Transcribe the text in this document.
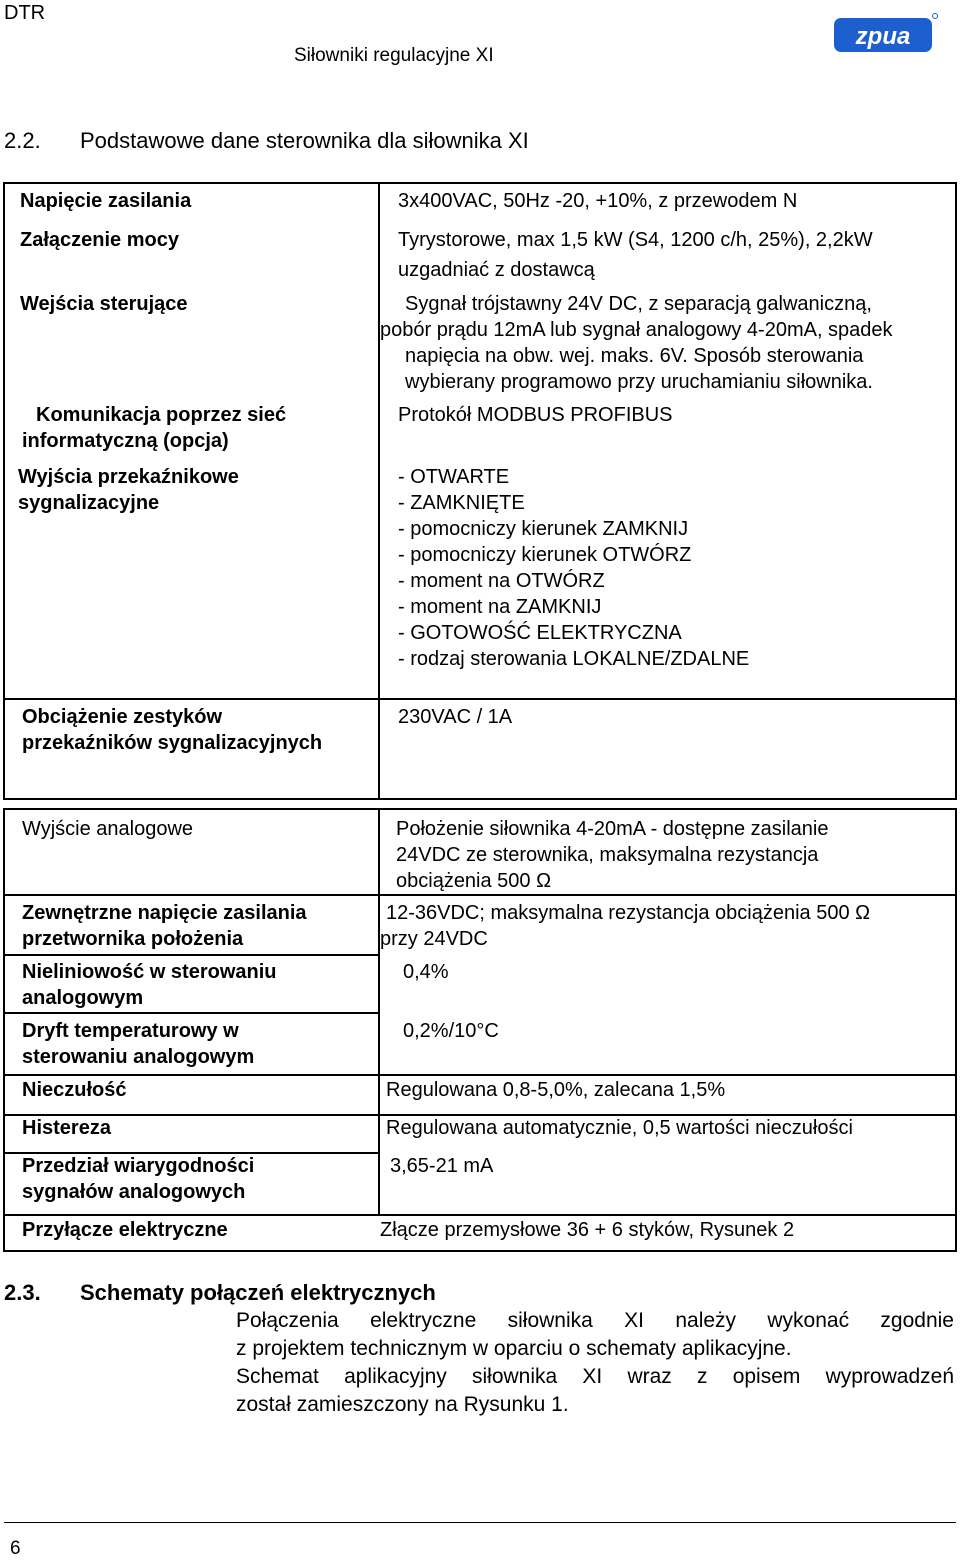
DTR
Siłowniki regulacyjne XI
zpua
2.2. Podstawowe dane sterownika dla siłownika XI
Napięcie zasilania
Załączenie mocy
Wejścia sterujące
Komunikacja poprzez sieć
informatyczną (opcja)
Wyjścia przekaźnikowe
sygnalizacyjne
Obciążenie zestyków
przekaźników sygnalizacyjnych
3x400VAC, 50Hz -20, +10%, z przewodem N
Tyrystorowe, max 1,5 kW (S4, 1200 c/h, 25%), 2,2kW
uzgadniać z dostawcą
Sygnał trójstawny 24V DC, z separacją galwaniczną,
pobór prądu 12mA lub sygnał analogowy 4-20mA, spadek
napięcia na obw. wej. maks. 6V. Sposób sterowania
wybierany programowo przy uruchamianiu siłownika.
Protokół MODBUS PROFIBUS
- OTWARTE
- ZAMKNIĘTE
- pomocniczy kierunek ZAMKNIJ
- pomocniczy kierunek OTWÓRZ
- moment na OTWÓRZ
- moment na ZAMKNIJ
- GOTOWOŚĆ ELEKTRYCZNA
- rodzaj sterowania LOKALNE/ZDALNE
230VAC / 1A
Wyjście analogowe
Zewnętrzne napięcie zasilania
przetwornika położenia
Nieliniowość w sterowaniu
analogowym
Dryft temperaturowy w
sterowaniu analogowym
Nieczułość
Histereza
Przedział wiarygodności
sygnałów analogowych
Przyłącze elektryczne
Położenie siłownika 4-20mA - dostępne zasilanie
24VDC ze sterownika, maksymalna rezystancja
obciążenia 500 Ω
12-36VDC; maksymalna rezystancja obciążenia 500 Ω
przy 24VDC
0,4%
0,2%/10°C
Regulowana 0,8-5,0%, zalecana 1,5%
Regulowana automatycznie, 0,5 wartości nieczułości
3,65-21 mA
Złącze przemysłowe 36 + 6 styków, Rysunek 2
2.3. Schematy połączeń elektrycznych
Połączenia elektryczne siłownika XI należy wykonać zgodnie
z projektem technicznym w oparciu o schematy aplikacyjne.
Schemat aplikacyjny siłownika XI wraz z opisem wyprowadzeń
został zamieszczony na Rysunku 1.
6
